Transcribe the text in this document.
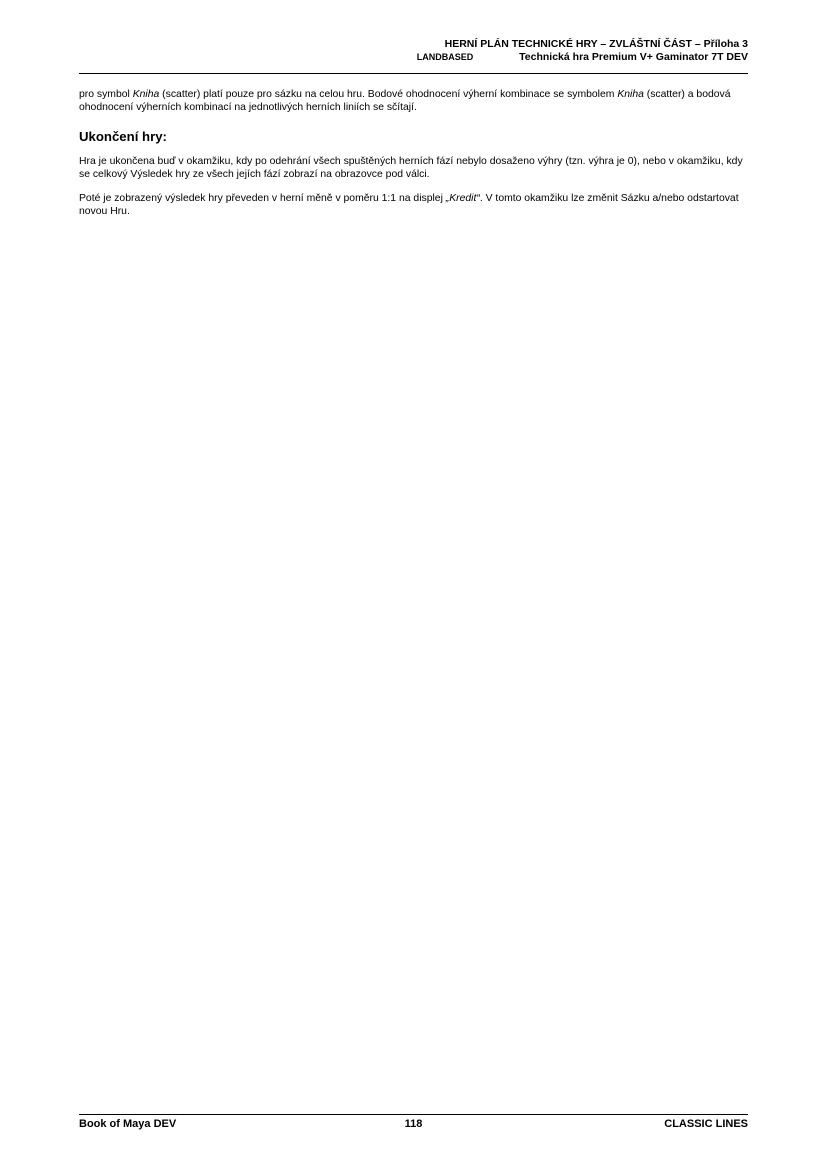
HERNÍ PLÁN TECHNICKÉ HRY – ZVLÁŠTNÍ ČÁST – Příloha 3
LANDBASED	Technická hra Premium V+ Gaminator 7T DEV

pro symbol Kniha (scatter) platí pouze pro sázku na celou hru. Bodové ohodnocení výherní kombinace se symbolem Kniha (scatter) a bodová ohodnocení výherních kombinací na jednotlivých herních liniích se sčítají.

Ukončení hry:

Hra je ukončena buď v okamžiku, kdy po odehrání všech spuštěných herních fází nebylo dosaženo výhry (tzn. výhra je 0), nebo v okamžiku, kdy se celkový Výsledek hry ze všech jejích fází zobrazí na obrazovce pod válci.

Poté je zobrazený výsledek hry převeden v herní měně v poměru 1:1 na displej „Kredit“. V tomto okamžiku lze změnit Sázku a/nebo odstartovat novou Hru.

Book of Maya DEV	118	CLASSIC LINES
